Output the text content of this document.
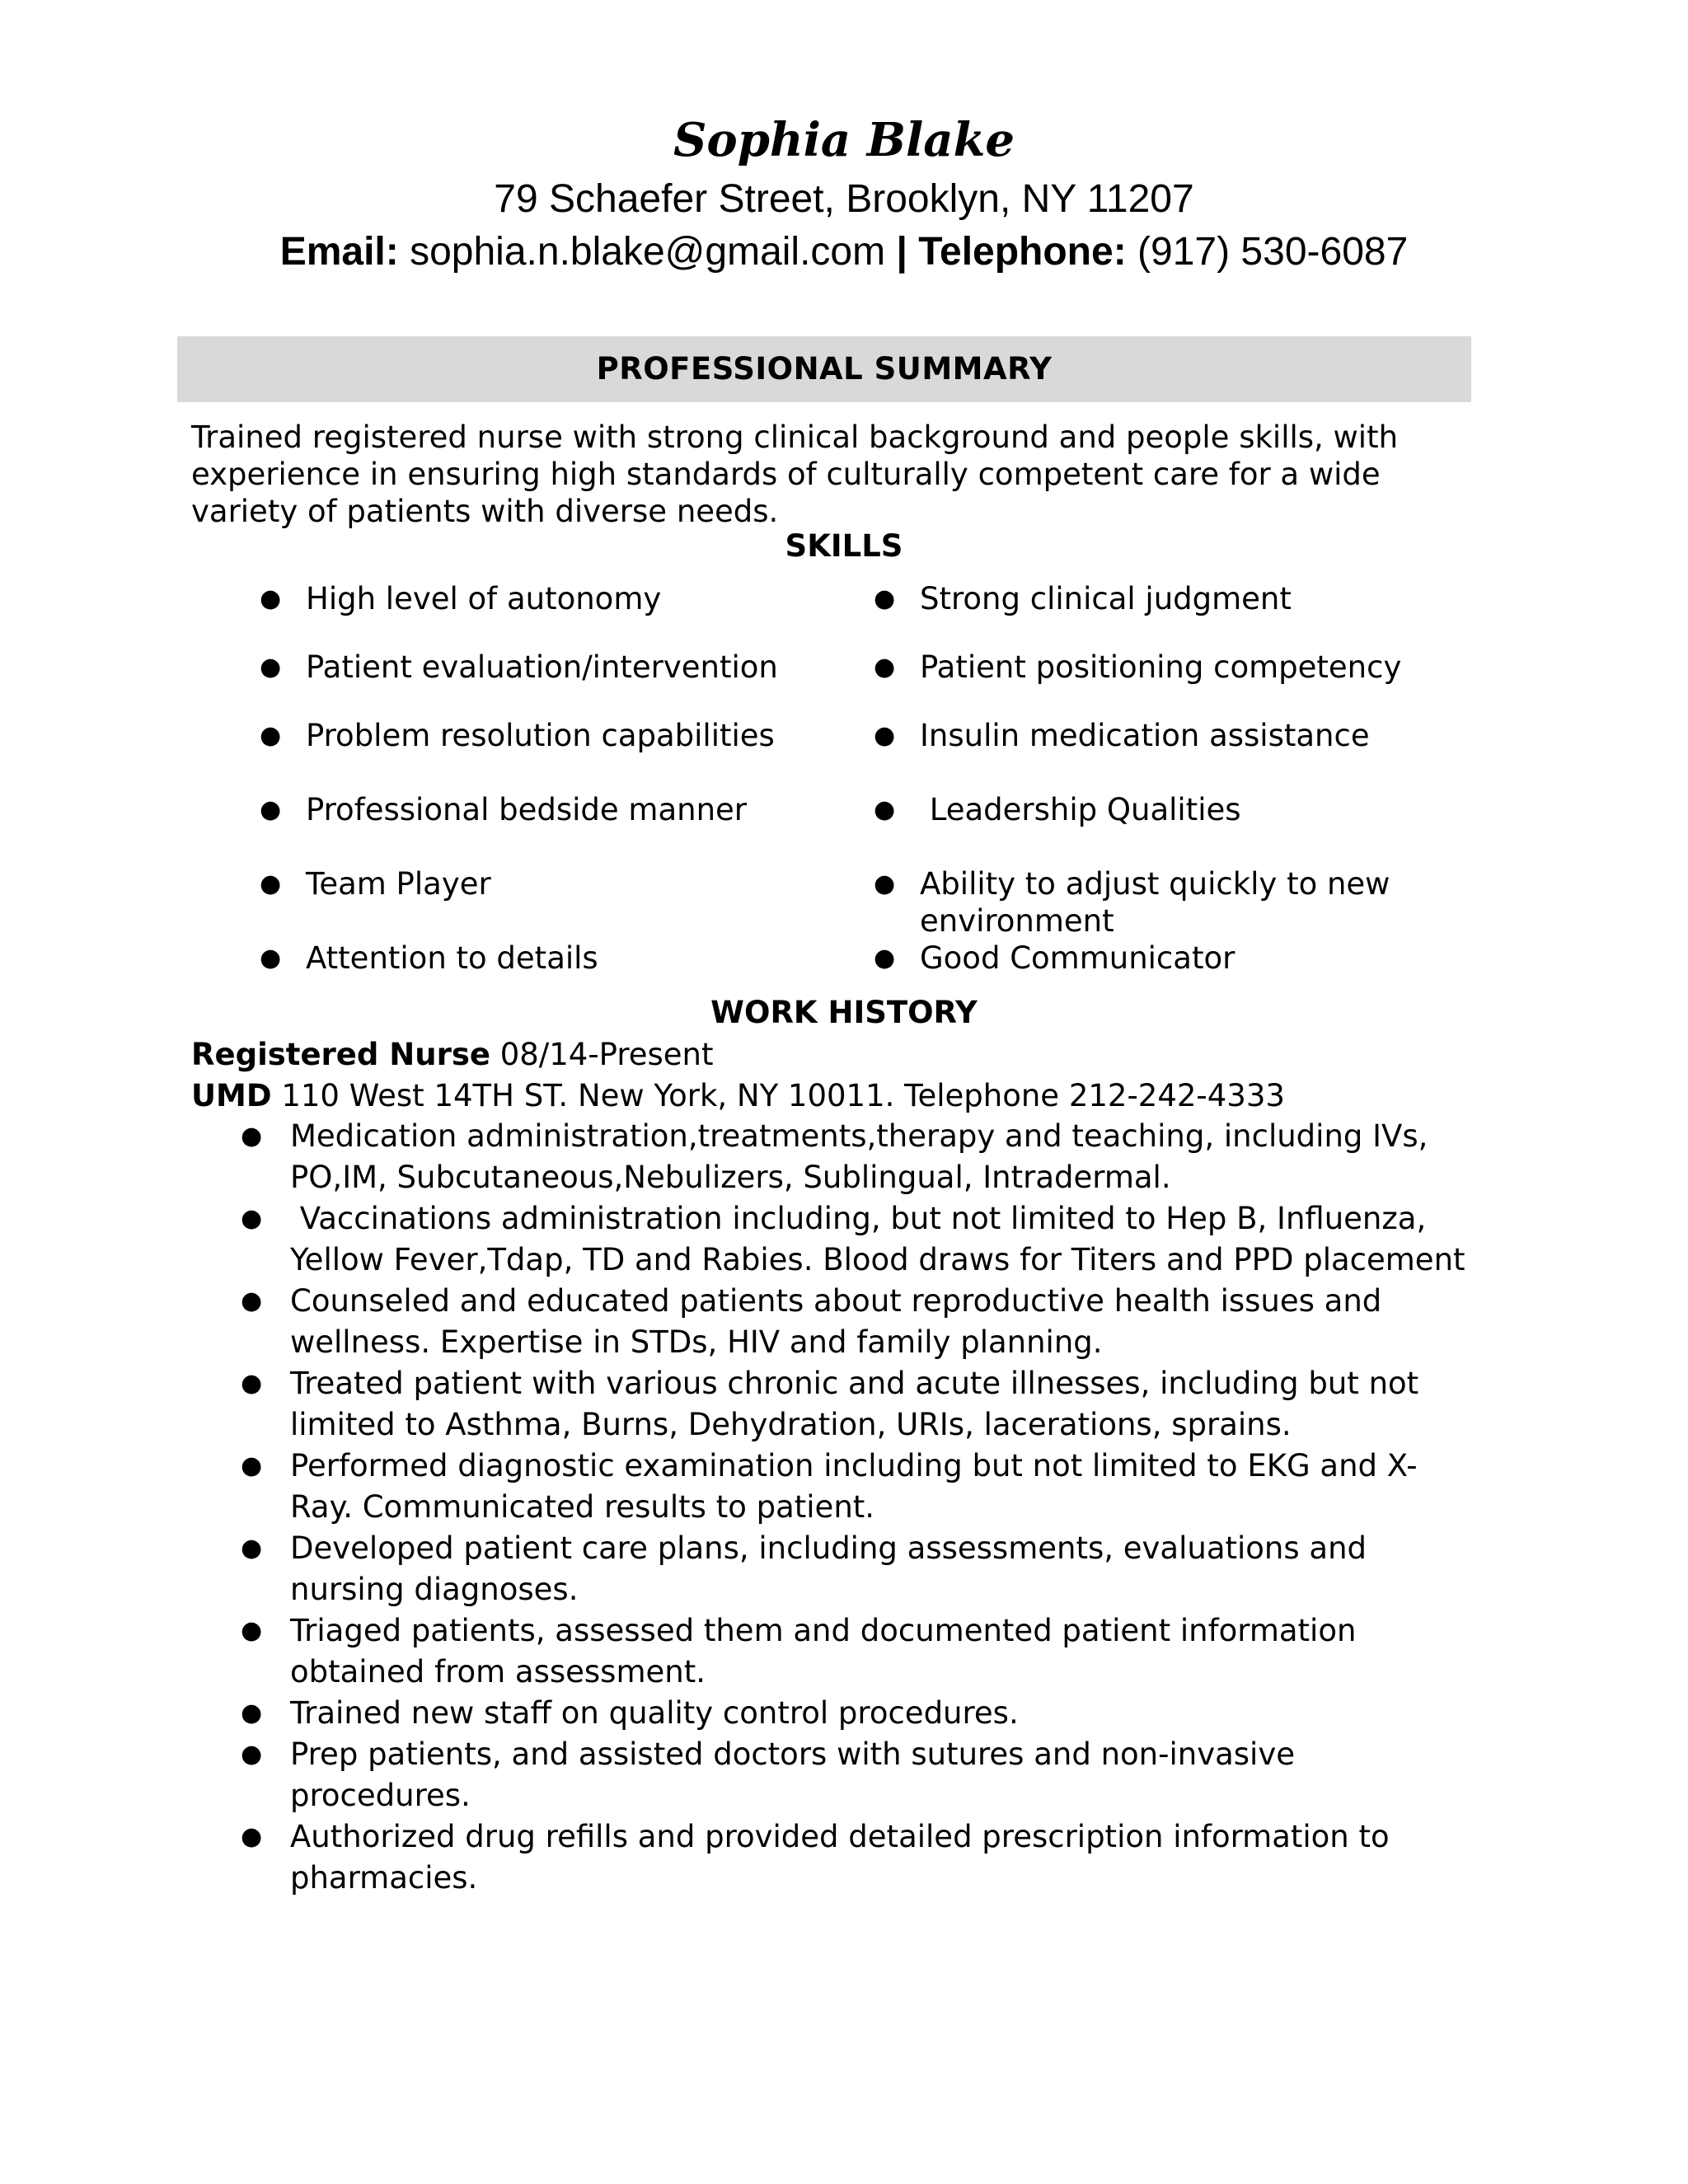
Sophia Blake
79 Schaefer Street, Brooklyn, NY 11207
Email: sophia.n.blake@gmail.com | Telephone: (917) 530-6087
PROFESSIONAL SUMMARY
Trained registered nurse with strong clinical background and people skills, with experience in ensuring high standards of culturally competent care for a wide variety of patients with diverse needs.
SKILLS
● High level of autonomy
● Patient evaluation/intervention
● Problem resolution capabilities
● Professional bedside manner
● Team Player
● Attention to details
● Strong clinical judgment
● Patient positioning competency
● Insulin medication assistance
● Leadership Qualities
● Ability to adjust quickly to new environment
● Good Communicator
WORK HISTORY
Registered Nurse 08/14-Present
UMD 110 West 14TH ST. New York, NY 10011. Telephone 212-242-4333
● Medication administration,treatments,therapy and teaching, including IVs, PO,IM, Subcutaneous,Nebulizers, Sublingual, Intradermal.
● Vaccinations administration including, but not limited to Hep B, Influenza, Yellow Fever,Tdap, TD and Rabies. Blood draws for Titers and PPD placement
● Counseled and educated patients about reproductive health issues and wellness. Expertise in STDs, HIV and family planning.
● Treated patient with various chronic and acute illnesses, including but not limited to Asthma, Burns, Dehydration, URIs, lacerations, sprains.
● Performed diagnostic examination including but not limited to EKG and X-Ray. Communicated results to patient.
● Developed patient care plans, including assessments, evaluations and nursing diagnoses.
● Triaged patients, assessed them and documented patient information obtained from assessment.
● Trained new staff on quality control procedures.
● Prep patients, and assisted doctors with sutures and non-invasive procedures.
● Authorized drug refills and provided detailed prescription information to pharmacies.
